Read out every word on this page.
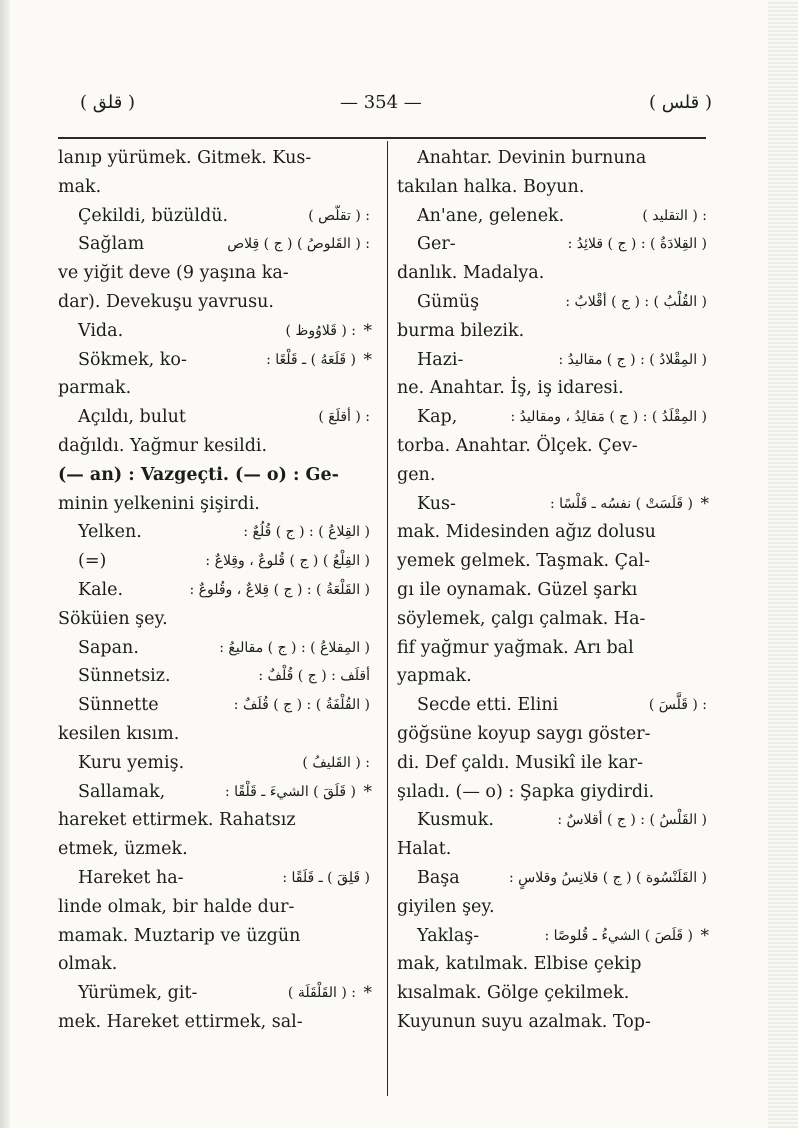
( قلق )	— 354 —	( قلس )
lanıp yürümek. Gitmek. Kus-
mak.
Çekildi, büzüldü.	: ( تقلّص )
Sağlam	: ( القَلوصُ ) ( ج ) قِلاص
ve yiğit deve (9 yaşına ka-
dar). Devekuşu yavrusu.
Vida.	: ( قَلاوُوظ ) *
Sökmek, ko-	( قَلَعَهُ ) ـ قَلْعًا : *
parmak.
Açıldı, bulut	: ( أقلَعَ )
dağıldı. Yağmur kesildi.
(— an) : Vazgeçti. (— o) : Ge-
minin yelkenini şişirdi.
Yelken.	( القِلاعُ ) : ( ج ) قُلُعٌ :
(=)	( القِلْعُ ) ( ج ) قُلوعٌ ، وقِلاعٌ :
Kale.	( القَلْعَةُ ) : ( ج ) قِلاعٌ ، وقُلوعٌ :
Söküien şey.
Sapan.	( المِقلاعُ ) : ( ج ) مقاليعُ :
Sünnetsiz.	أقلَف : ( ج ) قُلْفٌ :
Sünnette	( القُلْفَةُ ) : ( ج ) قُلَفٌ :
kesilen kısım.
Kuru yemiş.	: ( القَليفُ )
Sallamak,	( قَلَقَ ) الشيءَ ـ قَلْقًا : *
hareket ettirmek. Rahatsız
etmek, üzmek.
Hareket ha-	( قَلِقَ ) ـ قَلَقًا :
linde olmak, bir halde dur-
mamak. Muztarip ve üzgün
olmak.
Yürümek, git-	: ( القَلْقَلَة ) *
mek. Hareket ettirmek, sal-
Anahtar. Devinin burnuna
takılan halka. Boyun.
An'ane, gelenek.	: ( التقليد )
Ger-	( القِلادَةُ ) : ( ج ) قلائِدُ :
danlık. Madalya.
Gümüş	( القُلْبُ ) : ( ج ) أقْلابٌ :
burma bilezik.
Hazi-	( المِقْلادُ ) : ( ج ) مقاليدُ :
ne. Anahtar. İş, iş idaresi.
Kap,	( المِقْلَدُ ) : ( ج ) مَقالِدُ ، ومقاليدُ :
torba. Anahtar. Ölçek. Çev-
gen.
Kus-	( قَلَسَتْ ) نفسُه ـ قَلْسًا : *
mak. Midesinden ağız dolusu
yemek gelmek. Taşmak. Çal-
gı ile oynamak. Güzel şarkı
söylemek, çalgı çalmak. Ha-
fif yağmur yağmak. Arı bal
yapmak.
Secde etti. Elini	: ( قَلَّسَ )
göğsüne koyup saygı göster-
di. Def çaldı. Musikî ile kar-
şıladı. (— o) : Şapka giydirdi.
Kusmuk.	( القَلْسُ ) : ( ج ) أقلاسٌ :
Halat.
Başa	( القَلَنْسُوة ) ( ج ) قلانِسُ وقلاسٍ :
giyilen şey.
Yaklaş-	( قَلَصَ ) الشيءُ ـ قُلوصًا : *
mak, katılmak. Elbise çekip
kısalmak. Gölge çekilmek.
Kuyunun suyu azalmak. Top-
